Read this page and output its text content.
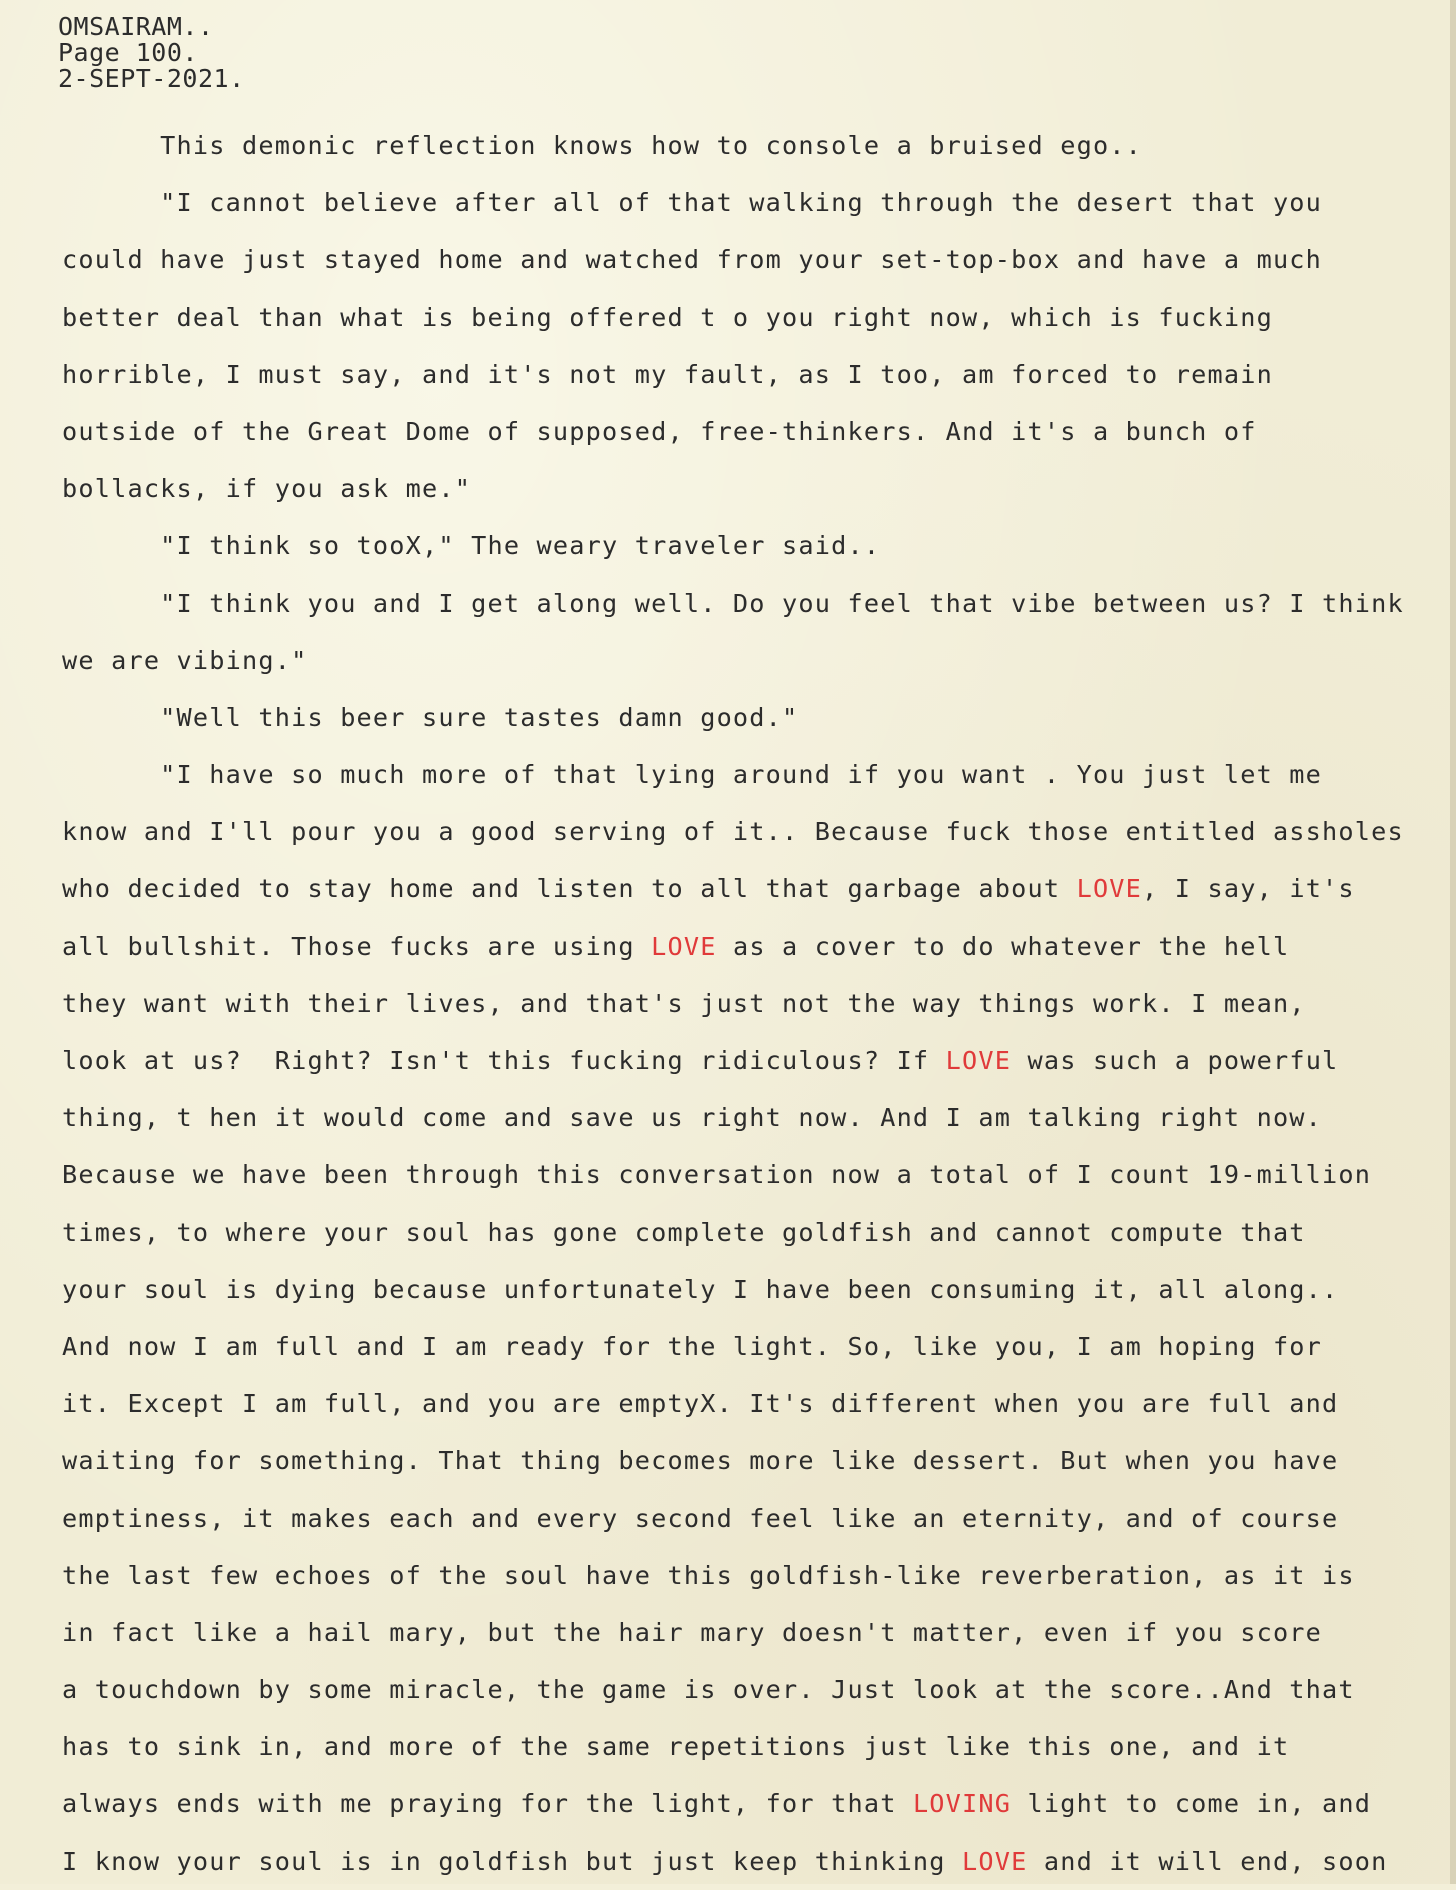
OMSAIRAM..
Page 100.
2-SEPT-2021.
This demonic reflection knows how to console a bruised ego..
"I cannot believe after all of that walking through the desert that you
could have just stayed home and watched from your set-top-box and have a much
better deal than what is being offered t o you right now, which is fucking
horrible, I must say, and it's not my fault, as I too, am forced to remain
outside of the Great Dome of supposed, free-thinkers. And it's a bunch of
bollacks, if you ask me."
"I think so tooX," The weary traveler said..
"I think you and I get along well. Do you feel that vibe between us? I think
we are vibing."
"Well this beer sure tastes damn good."
"I have so much more of that lying around if you want . You just let me
know and I'll pour you a good serving of it.. Because fuck those entitled assholes
who decided to stay home and listen to all that garbage about LOVE, I say, it's
all bullshit. Those fucks are using LOVE as a cover to do whatever the hell
they want with their lives, and that's just not the way things work. I mean,
look at us?  Right? Isn't this fucking ridiculous? If LOVE was such a powerful
thing, t hen it would come and save us right now. And I am talking right now.
Because we have been through this conversation now a total of I count 19-million
times, to where your soul has gone complete goldfish and cannot compute that
your soul is dying because unfortunately I have been consuming it, all along..
And now I am full and I am ready for the light. So, like you, I am hoping for
it. Except I am full, and you are emptyX. It's different when you are full and
waiting for something. That thing becomes more like dessert. But when you have
emptiness, it makes each and every second feel like an eternity, and of course
the last few echoes of the soul have this goldfish-like reverberation, as it is
in fact like a hail mary, but the hair mary doesn't matter, even if you score
a touchdown by some miracle, the game is over. Just look at the score..And that
has to sink in, and more of the same repetitions just like this one, and it
always ends with me praying for the light, for that LOVING light to come in, and
I know your soul is in goldfish but just keep thinking LOVE and it will end, soon
